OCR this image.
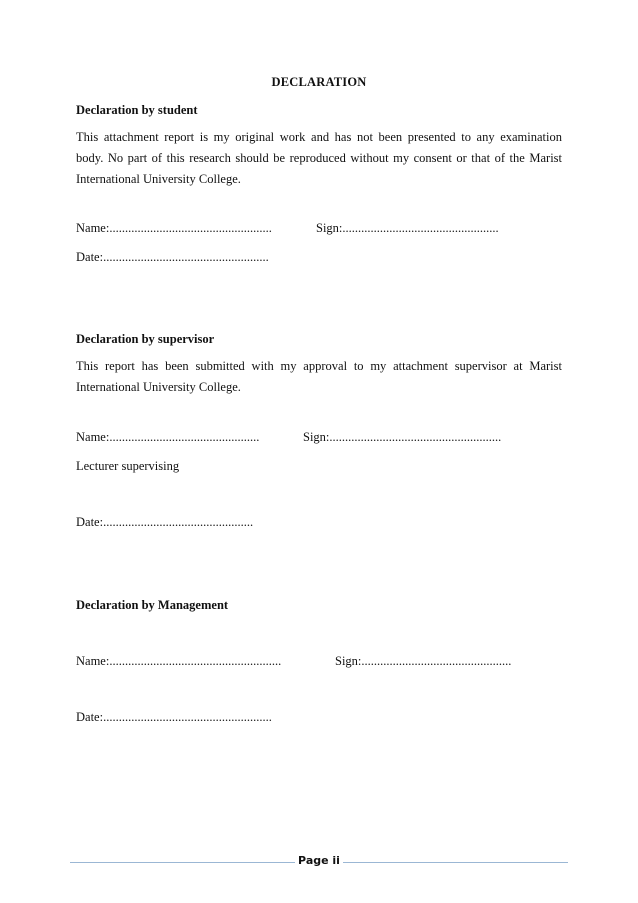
DECLARATION
Declaration by student
This attachment report is my original work and has not been presented to any examination
body. No part of this research should be reproduced without my consent or that of the Marist
International University College.
Name:....................................................	Sign:..................................................
Date:.....................................................
Declaration by supervisor
This report has been submitted with my approval to my attachment supervisor at Marist
International University College.
Name:................................................	Sign:.......................................................
Lecturer supervising
Date:................................................
Declaration by Management
Name:.......................................................	Sign:................................................
Date:......................................................
Page ii
